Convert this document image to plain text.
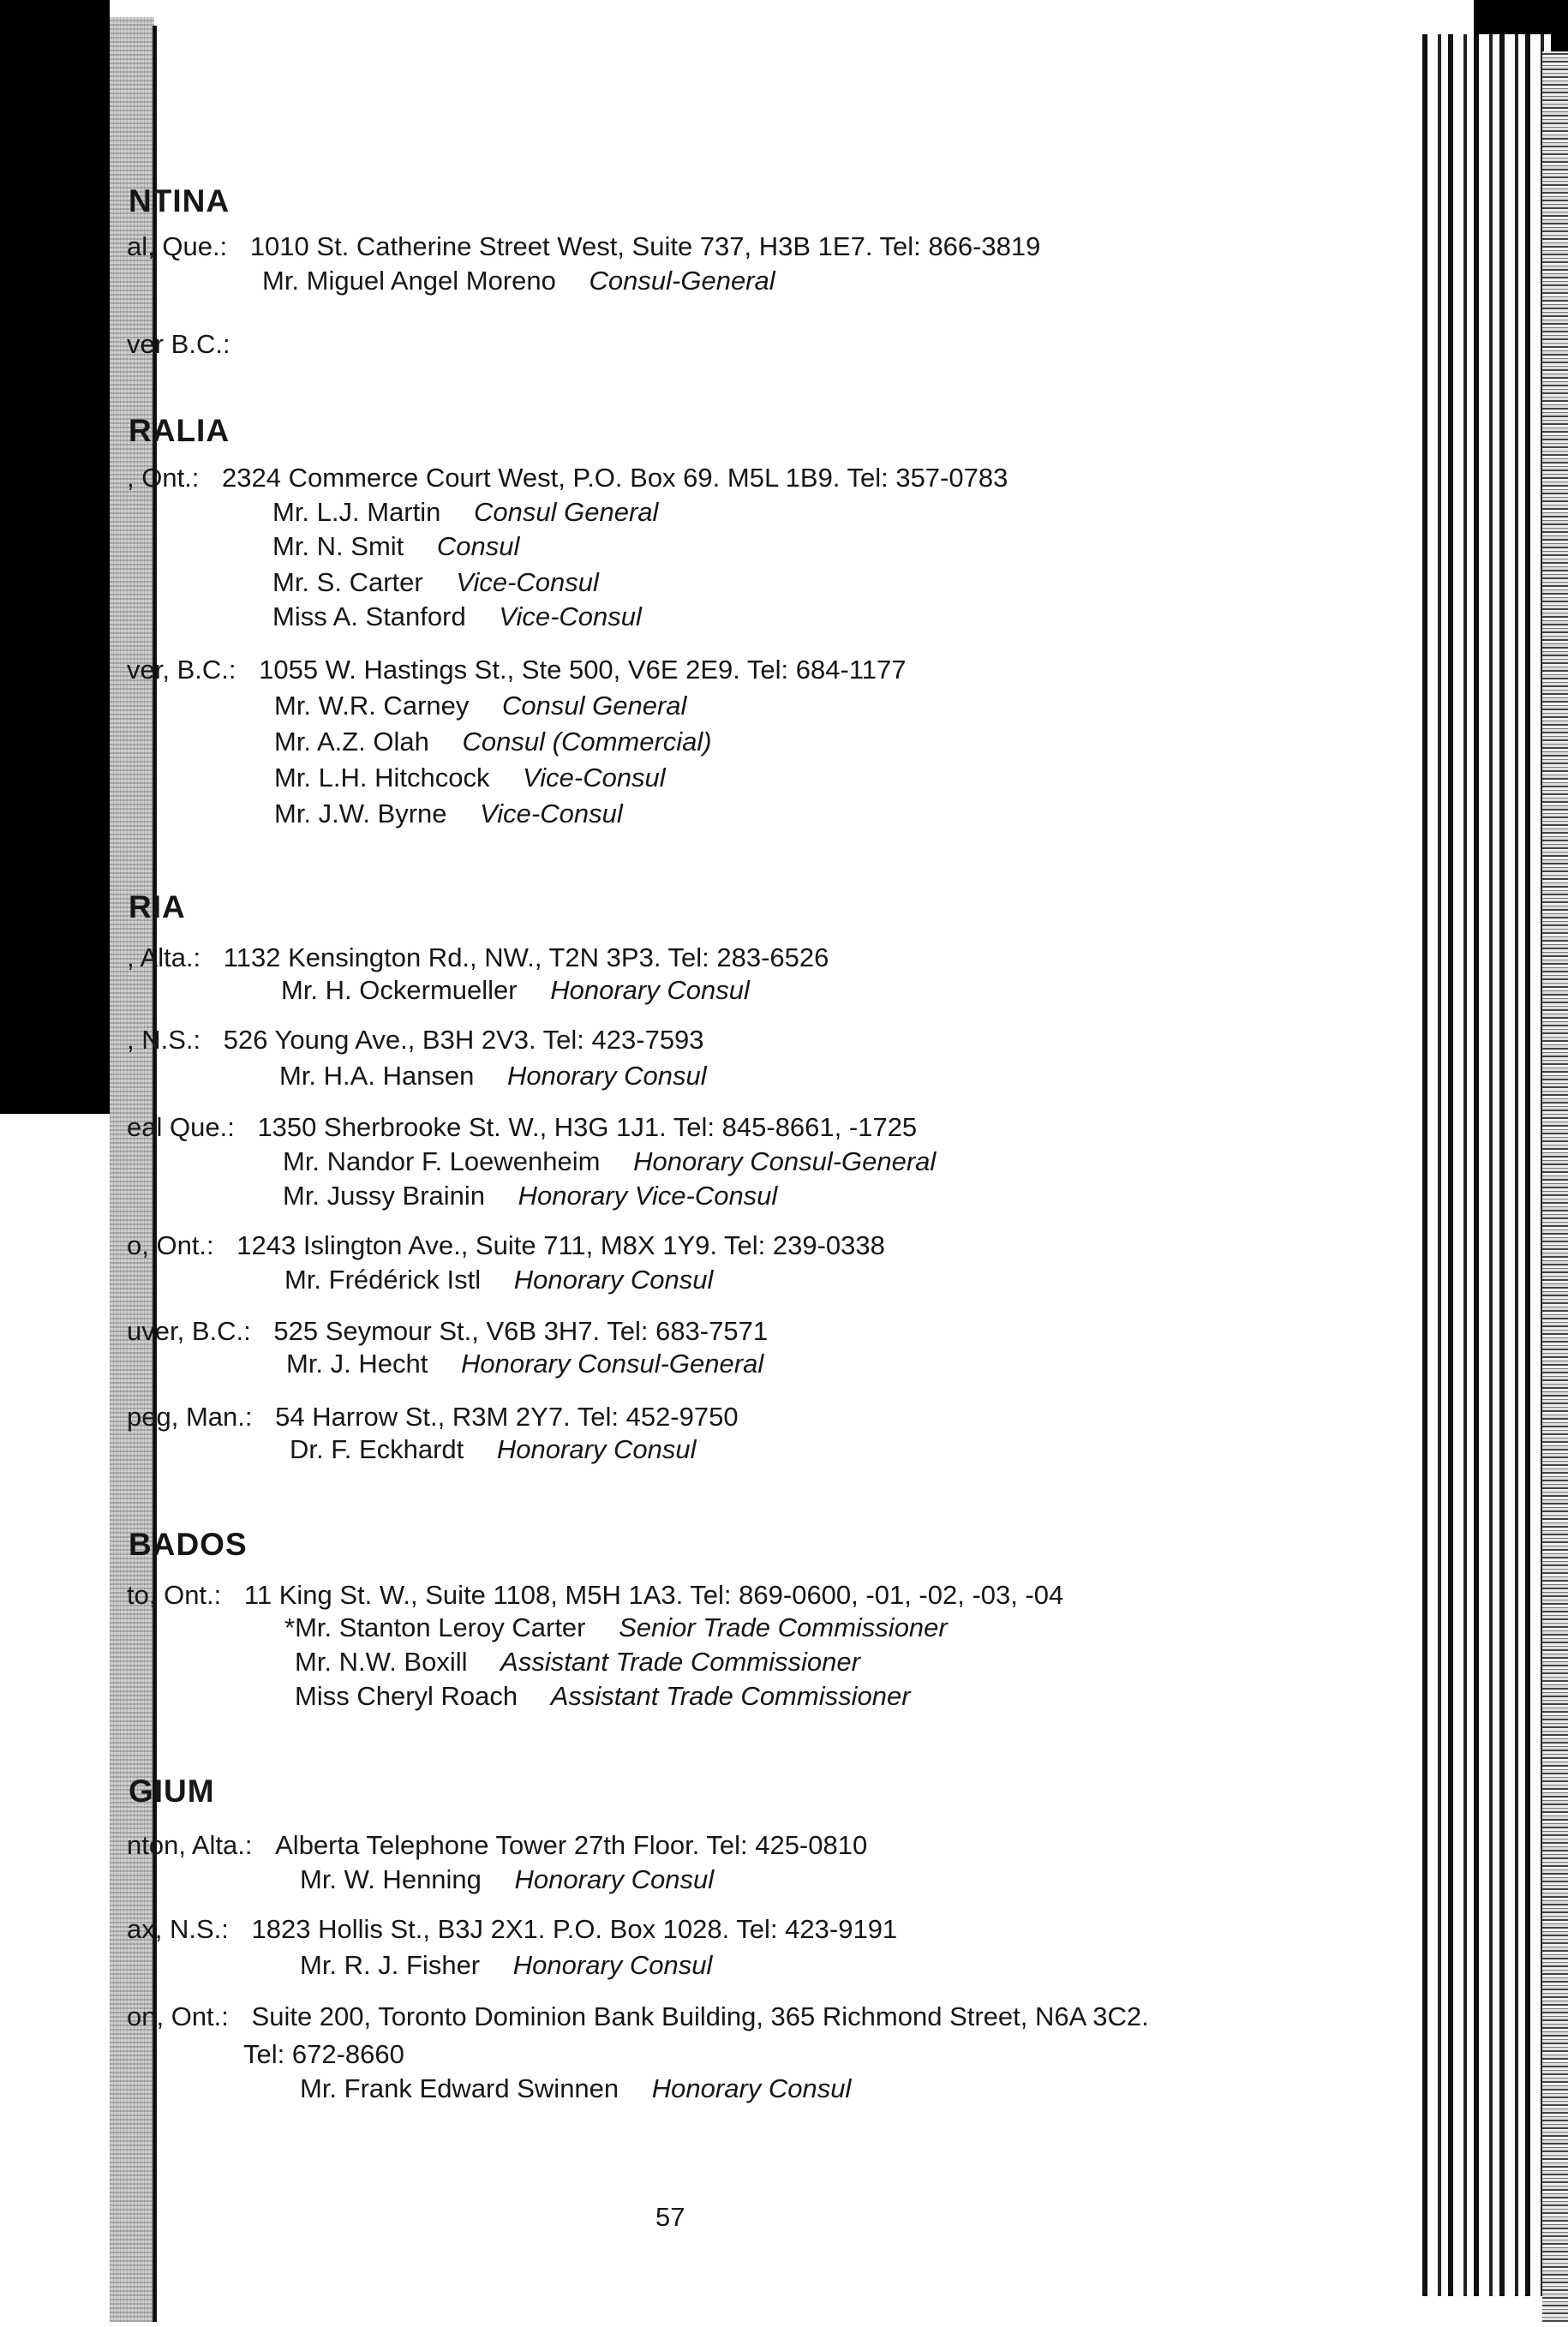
NTINA
al, Que.: 1010 St. Catherine Street West, Suite 737, H3B 1E7. Tel: 866-3819
Mr. Miguel Angel Moreno Consul-General
ver B.C.:
RALIA
, Ont.: 2324 Commerce Court West, P.O. Box 69. M5L 1B9. Tel: 357-0783
Mr. L.J. Martin Consul General
Mr. N. Smit Consul
Mr. S. Carter Vice-Consul
Miss A. Stanford Vice-Consul
ver, B.C.: 1055 W. Hastings St., Ste 500, V6E 2E9. Tel: 684-1177
Mr. W.R. Carney Consul General
Mr. A.Z. Olah Consul (Commercial)
Mr. L.H. Hitchcock Vice-Consul
Mr. J.W. Byrne Vice-Consul
RIA
, Alta.: 1132 Kensington Rd., NW., T2N 3P3. Tel: 283-6526
Mr. H. Ockermueller Honorary Consul
, N.S.: 526 Young Ave., B3H 2V3. Tel: 423-7593
Mr. H.A. Hansen Honorary Consul
eal Que.: 1350 Sherbrooke St. W., H3G 1J1. Tel: 845-8661, -1725
Mr. Nandor F. Loewenheim Honorary Consul-General
Mr. Jussy Brainin Honorary Vice-Consul
o, Ont.: 1243 Islington Ave., Suite 711, M8X 1Y9. Tel: 239-0338
Mr. Frédérick Istl Honorary Consul
uver, B.C.: 525 Seymour St., V6B 3H7. Tel: 683-7571
Mr. J. Hecht Honorary Consul-General
peg, Man.: 54 Harrow St., R3M 2Y7. Tel: 452-9750
Dr. F. Eckhardt Honorary Consul
BADOS
to, Ont.: 11 King St. W., Suite 1108, M5H 1A3. Tel: 869-0600, -01, -02, -03, -04
*Mr. Stanton Leroy Carter Senior Trade Commissioner
Mr. N.W. Boxill Assistant Trade Commissioner
Miss Cheryl Roach Assistant Trade Commissioner
GIUM
nton, Alta.: Alberta Telephone Tower 27th Floor. Tel: 425-0810
Mr. W. Henning Honorary Consul
ax, N.S.: 1823 Hollis St., B3J 2X1. P.O. Box 1028. Tel: 423-9191
Mr. R. J. Fisher Honorary Consul
on, Ont.: Suite 200, Toronto Dominion Bank Building, 365 Richmond Street, N6A 3C2.
Tel: 672-8660
Mr. Frank Edward Swinnen Honorary Consul
57
